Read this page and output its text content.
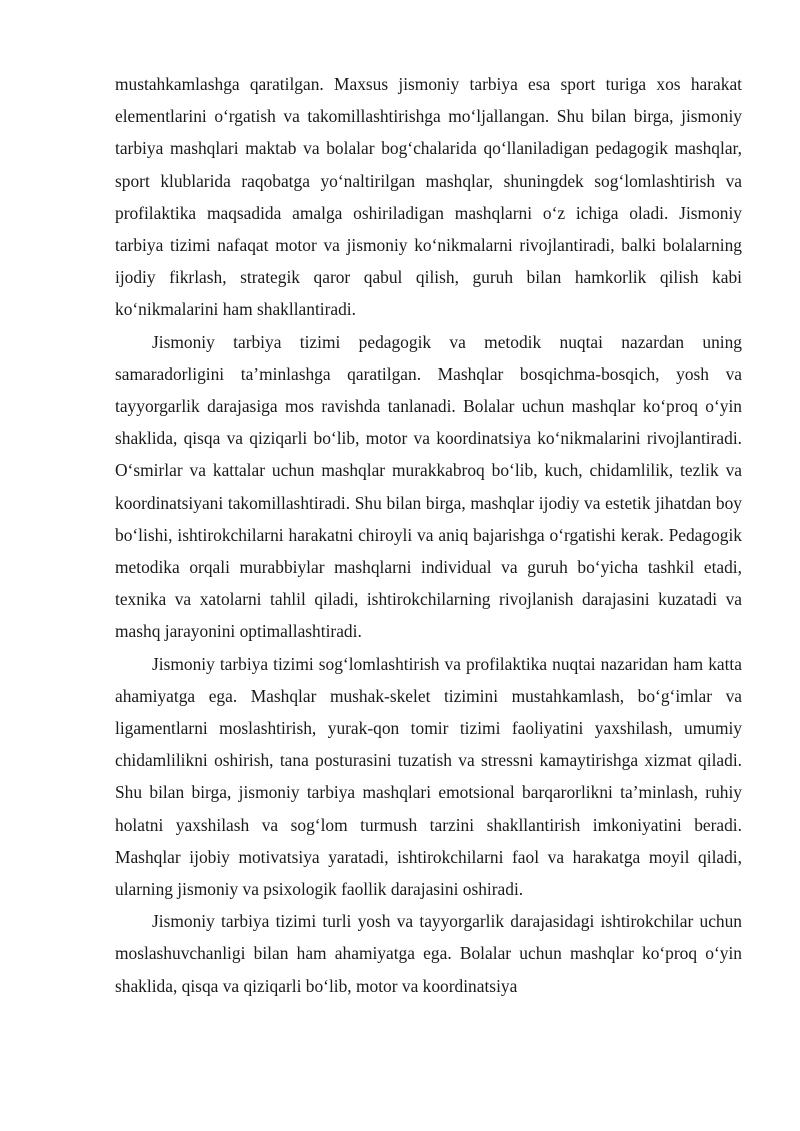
mustahkamlashga qaratilgan. Maxsus jismoniy tarbiya esa sport turiga xos harakat elementlarini o‘rgatish va takomillashtirishga mo‘ljallangan. Shu bilan birga, jismoniy tarbiya mashqlari maktab va bolalar bog‘chalarida qo‘llaniladigan pedagogik mashqlar, sport klublarida raqobatga yo‘naltirilgan mashqlar, shuningdek sog‘lomlashtirish va profilaktika maqsadida amalga oshiriladigan mashqlarni o‘z ichiga oladi. Jismoniy tarbiya tizimi nafaqat motor va jismoniy ko‘nikmalarni rivojlantiradi, balki bolalarning ijodiy fikrlash, strategik qaror qabul qilish, guruh bilan hamkorlik qilish kabi ko‘nikmalarini ham shakllantiradi.

Jismoniy tarbiya tizimi pedagogik va metodik nuqtai nazardan uning samaradorligini ta’minlashga qaratilgan. Mashqlar bosqichma-bosqich, yosh va tayyorgarlik darajasiga mos ravishda tanlanadi. Bolalar uchun mashqlar ko‘proq o‘yin shaklida, qisqa va qiziqarli bo‘lib, motor va koordinatsiya ko‘nikmalarini rivojlantiradi. O‘smirlar va kattalar uchun mashqlar murakkabroq bo‘lib, kuch, chidamlilik, tezlik va koordinatsiyani takomillashtiradi. Shu bilan birga, mashqlar ijodiy va estetik jihatdan boy bo‘lishi, ishtirokchilarni harakatni chiroyli va aniq bajarishga o‘rgatishi kerak. Pedagogik metodika orqali murabbiylar mashqlarni individual va guruh bo‘yicha tashkil etadi, texnika va xatolarni tahlil qiladi, ishtirokchilarning rivojlanish darajasini kuzatadi va mashq jarayonini optimallashtiradi.

Jismoniy tarbiya tizimi sog‘lomlashtirish va profilaktika nuqtai nazaridan ham katta ahamiyatga ega. Mashqlar mushak-skelet tizimini mustahkamlash, bo‘g‘imlar va ligamentlarni moslashtirish, yurak-qon tomir tizimi faoliyatini yaxshilash, umumiy chidamlilikni oshirish, tana posturasini tuzatish va stressni kamaytirishga xizmat qiladi. Shu bilan birga, jismoniy tarbiya mashqlari emotsional barqarorlikni ta’minlash, ruhiy holatni yaxshilash va sog‘lom turmush tarzini shakllantirish imkoniyatini beradi. Mashqlar ijobiy motivatsiya yaratadi, ishtirokchilarni faol va harakatga moyil qiladi, ularning jismoniy va psixologik faollik darajasini oshiradi.

Jismoniy tarbiya tizimi turli yosh va tayyorgarlik darajasidagi ishtirokchilar uchun moslashuvchanligi bilan ham ahamiyatga ega. Bolalar uchun mashqlar ko‘proq o‘yin shaklida, qisqa va qiziqarli bo‘lib, motor va koordinatsiya
